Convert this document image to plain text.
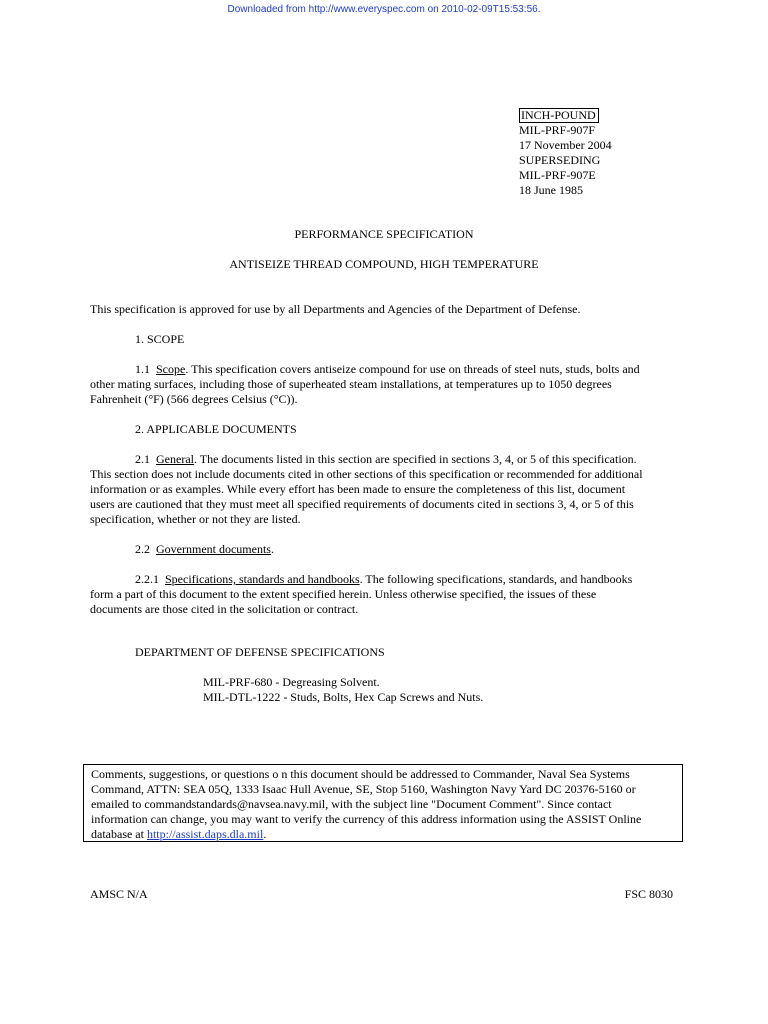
Downloaded from http://www.everyspec.com on 2010-02-09T15:53:56.
INCH-POUND
MIL-PRF-907F
17 November 2004
SUPERSEDING
MIL-PRF-907E
18 June 1985
PERFORMANCE SPECIFICATION
ANTISEIZE THREAD COMPOUND, HIGH TEMPERATURE
This specification is approved for use by all Departments and Agencies of the Department of Defense.
1. SCOPE
1.1 Scope. This specification covers antiseize compound for use on threads of steel nuts, studs, bolts and
other mating surfaces, including those of superheated steam installations, at temperatures up to 1050 degrees
Fahrenheit (°F) (566 degrees Celsius (°C)).
2. APPLICABLE DOCUMENTS
2.1 General. The documents listed in this section are specified in sections 3, 4, or 5 of this specification.
This section does not include documents cited in other sections of this specification or recommended for additional
information or as examples. While every effort has been made to ensure the completeness of this list, document
users are cautioned that they must meet all specified requirements of documents cited in sections 3, 4, or 5 of this
specification, whether or not they are listed.
2.2 Government documents.
2.2.1 Specifications, standards and handbooks. The following specifications, standards, and handbooks
form a part of this document to the extent specified herein. Unless otherwise specified, the issues of these
documents are those cited in the solicitation or contract.
DEPARTMENT OF DEFENSE SPECIFICATIONS
MIL-PRF-680 - Degreasing Solvent.
MIL-DTL-1222 - Studs, Bolts, Hex Cap Screws and Nuts.
Comments, suggestions, or questions o n this document should be addressed to Commander, Naval Sea Systems
Command, ATTN: SEA 05Q, 1333 Isaac Hull Avenue, SE, Stop 5160, Washington Navy Yard DC 20376-5160 or
emailed to commandstandards@navsea.navy.mil, with the subject line "Document Comment". Since contact
information can change, you may want to verify the currency of this address information using the ASSIST Online
database at http://assist.daps.dla.mil.
AMSC N/A	FSC 8030
